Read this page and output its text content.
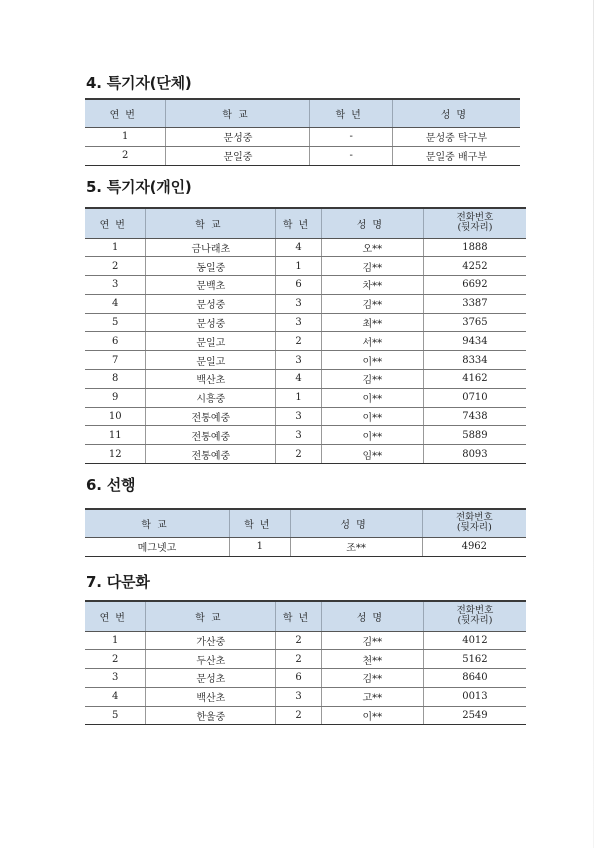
4. 특기자(단체)
연번	학교	학년	성명
1	문성중	-	문성중 탁구부
2	문일중	-	문일중 배구부
5. 특기자(개인)
연번	학교	학년	성명	전화번호
(뒷자리)
1	금나래초	4	오**	1888
2	동일중	1	김**	4252
3	문백초	6	차**	6692
4	문성중	3	김**	3387
5	문성중	3	최**	3765
6	문일고	2	서**	9434
7	문일고	3	이**	8334
8	백산초	4	김**	4162
9	시흥중	1	이**	0710
10	전통예중	3	이**	7438
11	전통예중	3	이**	5889
12	전통예중	2	임**	8093
6. 선행
학교	학년	성명	전화번호
(뒷자리)
메그넷고	1	조**	4962
7. 다문화
연번	학교	학년	성명	전화번호
(뒷자리)
1	가산중	2	김**	4012
2	두산초	2	천**	5162
3	문성초	6	김**	8640
4	백산초	3	고**	0013
5	한울중	2	이**	2549
